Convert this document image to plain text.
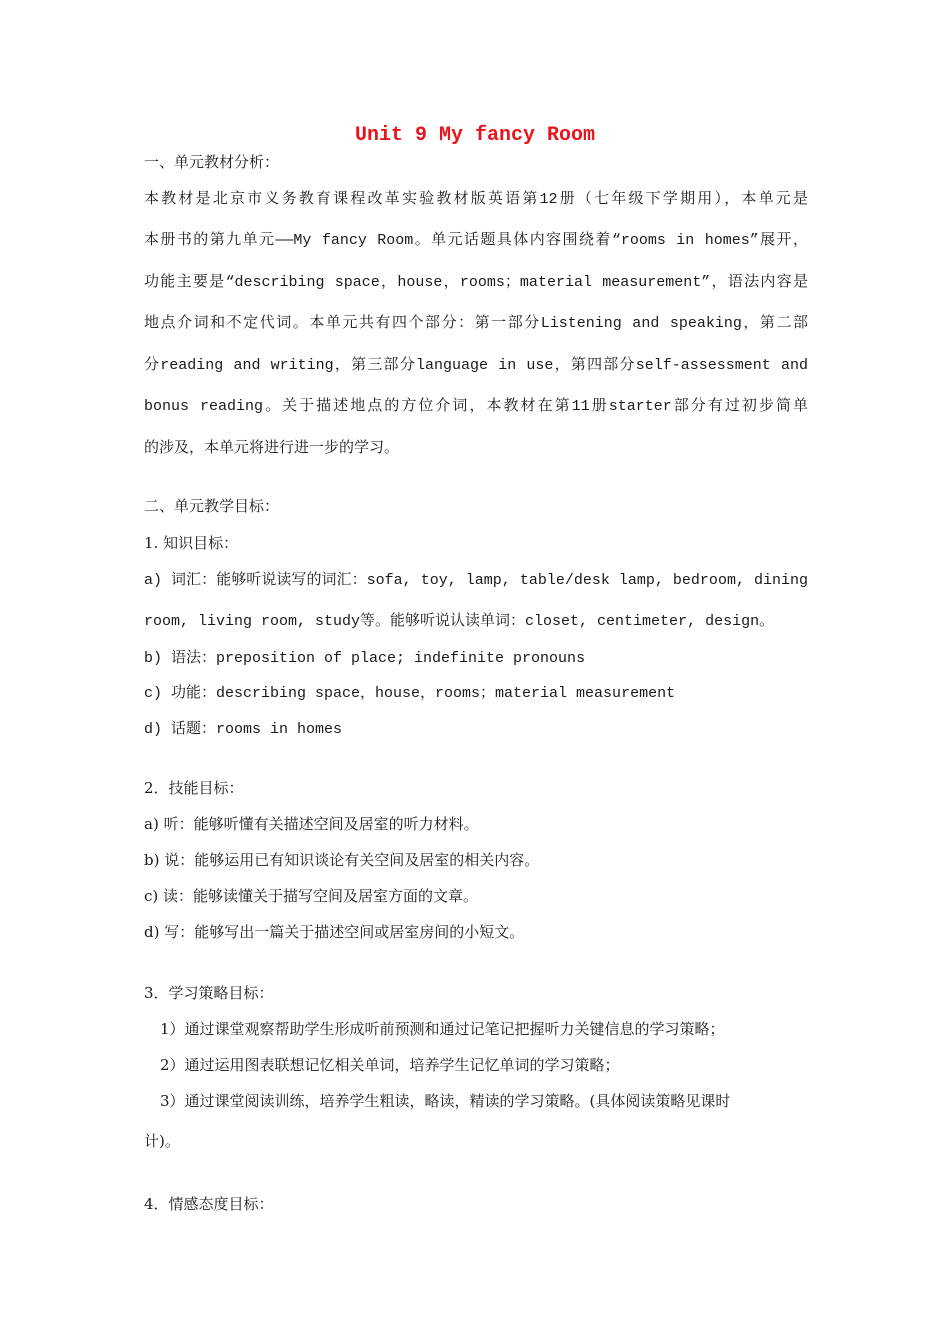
Unit 9 My fancy Room
一、单元教材分析：
本教材是北京市义务教育课程改革实验教材版英语第12册（七年级下学期用），本单元是
本册书的第九单元——My fancy Room。单元话题具体内容围绕着“rooms in homes”展开，
功能主要是“describing space，house，rooms；material measurement”，语法内容是
地点介词和不定代词。本单元共有四个部分：第一部分Listening and speaking，第二部
分reading and writing，第三部分language in use，第四部分self-assessment and
bonus reading。关于描述地点的方位介词，本教材在第11册starter部分有过初步简单
的涉及，本单元将进行进一步的学习。
二、单元教学目标：
1. 知识目标：
a) 词汇：能够听说读写的词汇：sofa, toy, lamp, table/desk lamp, bedroom, dining
room, living room, study等。能够听说认读单词：closet, centimeter, design。
b) 语法：preposition of place; indefinite pronouns
c) 功能：describing space，house，rooms；material measurement
d) 话题：rooms in homes
2．技能目标：
a) 听：能够听懂有关描述空间及居室的听力材料。
b) 说：能够运用已有知识谈论有关空间及居室的相关内容。
c) 读：能够读懂关于描写空间及居室方面的文章。
d) 写：能够写出一篇关于描述空间或居室房间的小短文。
3．学习策略目标：
1）通过课堂观察帮助学生形成听前预测和通过记笔记把握听力关键信息的学习策略；
2）通过运用图表联想记忆相关单词，培养学生记忆单词的学习策略；
3）通过课堂阅读训练，培养学生粗读，略读，精读的学习策略。(具体阅读策略见课时
计)。
4．情感态度目标：
